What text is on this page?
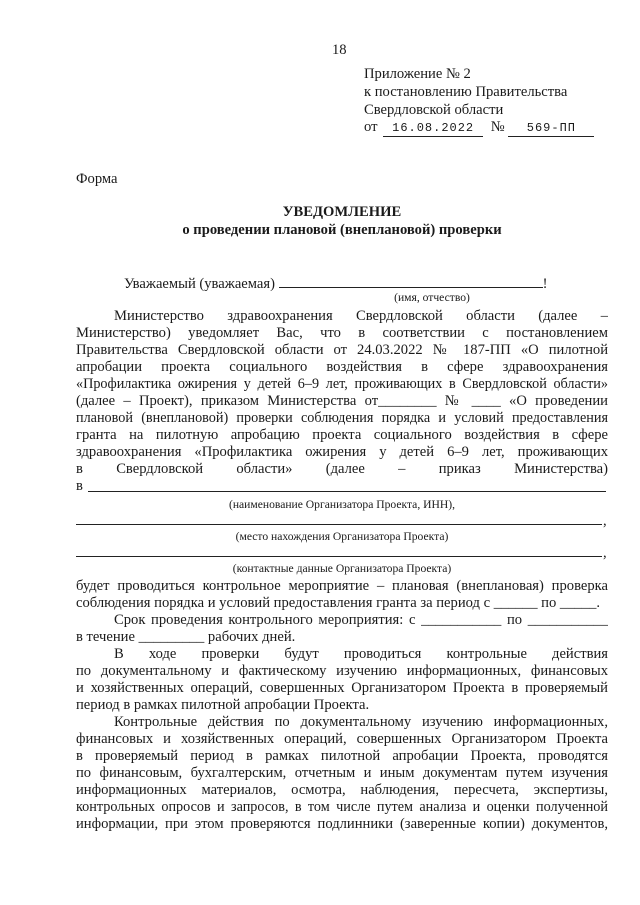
18
Приложение № 2
к постановлению Правительства
Свердловской области
от 16.08.2022 № 569-ПП
Форма
УВЕДОМЛЕНИЕ
о проведении плановой (внеплановой) проверки
Уважаемый (уважаемая)	!
(имя, отчество)
Министерство здравоохранения Свердловской области (далее –
Министерство) уведомляет Вас, что в соответствии с постановлением
Правительства Свердловской области от 24.03.2022 № 187-ПП «О пилотной
апробации проекта социального воздействия в сфере здравоохранения
«Профилактика ожирения у детей 6–9 лет, проживающих в Свердловской области»
(далее – Проект), приказом Министерства от________ № ____ «О проведении
плановой (внеплановой) проверки соблюдения порядка и условий предоставления
гранта на пилотную апробацию проекта социального воздействия в сфере
здравоохранения «Профилактика ожирения у детей 6–9 лет, проживающих
в Свердловской области» (далее – приказ Министерства)
в
(наименование Организатора Проекта, ИНН),
,
(место нахождения Организатора Проекта)
,
(контактные данные Организатора Проекта)
будет проводиться контрольное мероприятие – плановая (внеплановая) проверка
соблюдения порядка и условий предоставления гранта за период с ______ по _____.
Срок проведения контрольного мероприятия: с ___________ по ___________
в течение _________ рабочих дней.
В ходе проверки будут проводиться контрольные действия
по документальному и фактическому изучению информационных, финансовых
и хозяйственных операций, совершенных Организатором Проекта в проверяемый
период в рамках пилотной апробации Проекта.
Контрольные действия по документальному изучению информационных,
финансовых и хозяйственных операций, совершенных Организатором Проекта
в проверяемый период в рамках пилотной апробации Проекта, проводятся
по финансовым, бухгалтерским, отчетным и иным документам путем изучения
информационных материалов, осмотра, наблюдения, пересчета, экспертизы,
контрольных опросов и запросов, в том числе путем анализа и оценки полученной
информации, при этом проверяются подлинники (заверенные копии) документов,
